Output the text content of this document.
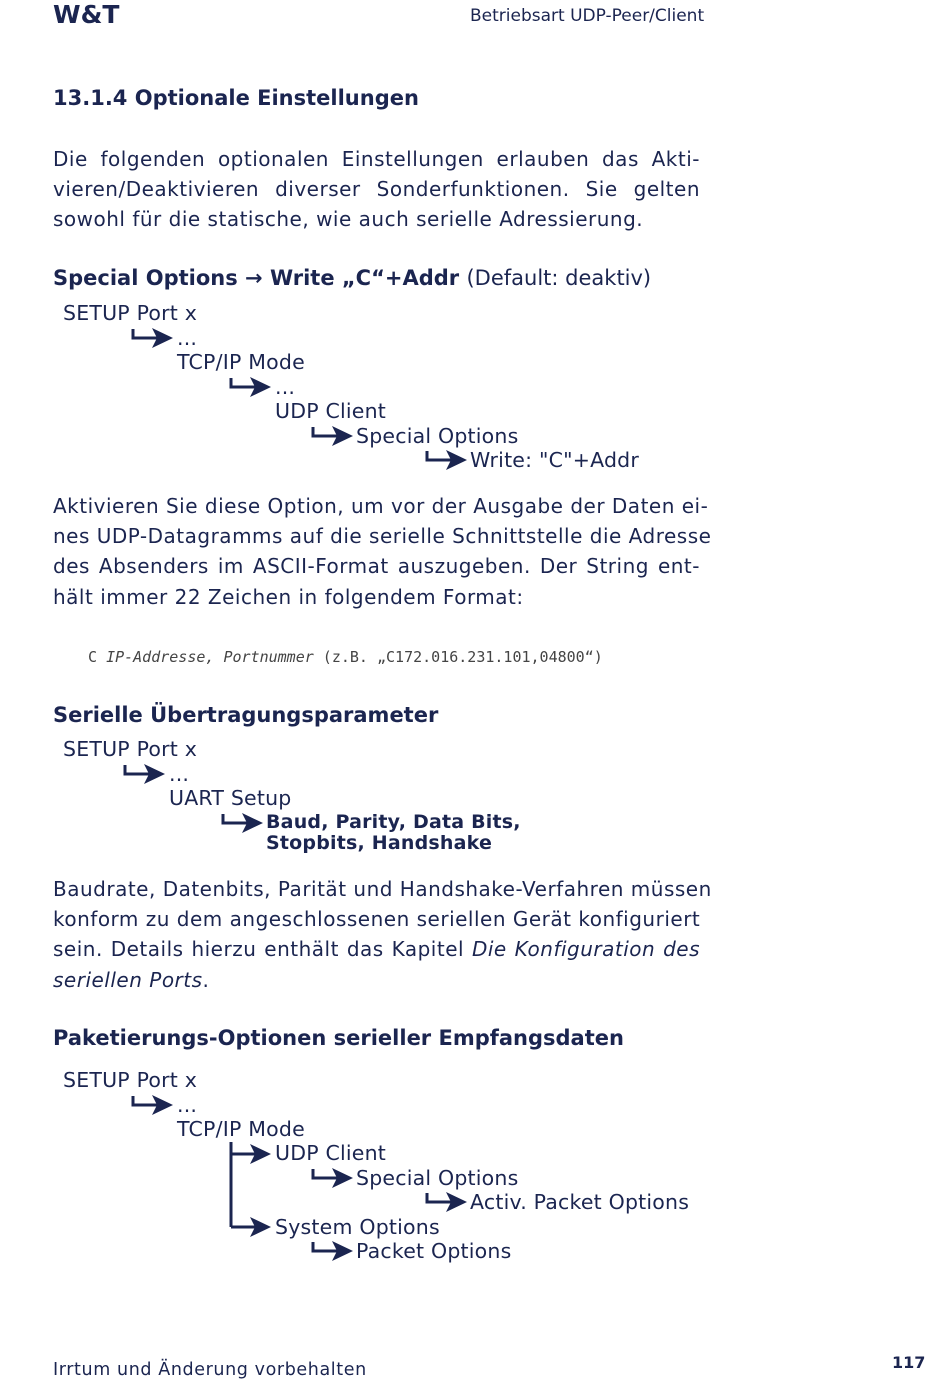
W&T	Betriebsart UDP-Peer/Client
13.1.4 Optionale Einstellungen
Die folgenden optionalen Einstellungen erlauben das Akti-
vieren/Deaktivieren diverser Sonderfunktionen. Sie gelten
sowohl für die statische, wie auch serielle Adressierung.
Special Options → Write „C“+Addr (Default: deaktiv)
SETUP Port x
...
TCP/IP Mode
...
UDP Client
Special Options
Write: "C"+Addr
Aktivieren Sie diese Option, um vor der Ausgabe der Daten ei-
nes UDP-Datagramms auf die serielle Schnittstelle die Adresse
des Absenders im ASCII-Format auszugeben. Der String ent-
hält immer 22 Zeichen in folgendem Format:
C IP-Addresse, Portnummer (z.B. „C172.016.231.101,04800“)
Serielle Übertragungsparameter
SETUP Port x
...
UART Setup
Baud, Parity, Data Bits,
Stopbits, Handshake
Baudrate, Datenbits, Parität und Handshake-Verfahren müssen
konform zu dem angeschlossenen seriellen Gerät konfiguriert
sein. Details hierzu enthält das Kapitel Die Konfiguration des
seriellen Ports.
Paketierungs-Optionen serieller Empfangsdaten
SETUP Port x
...
TCP/IP Mode
UDP Client
Special Options
Activ. Packet Options
System Options
Packet Options
Irrtum und Änderung vorbehalten	117
